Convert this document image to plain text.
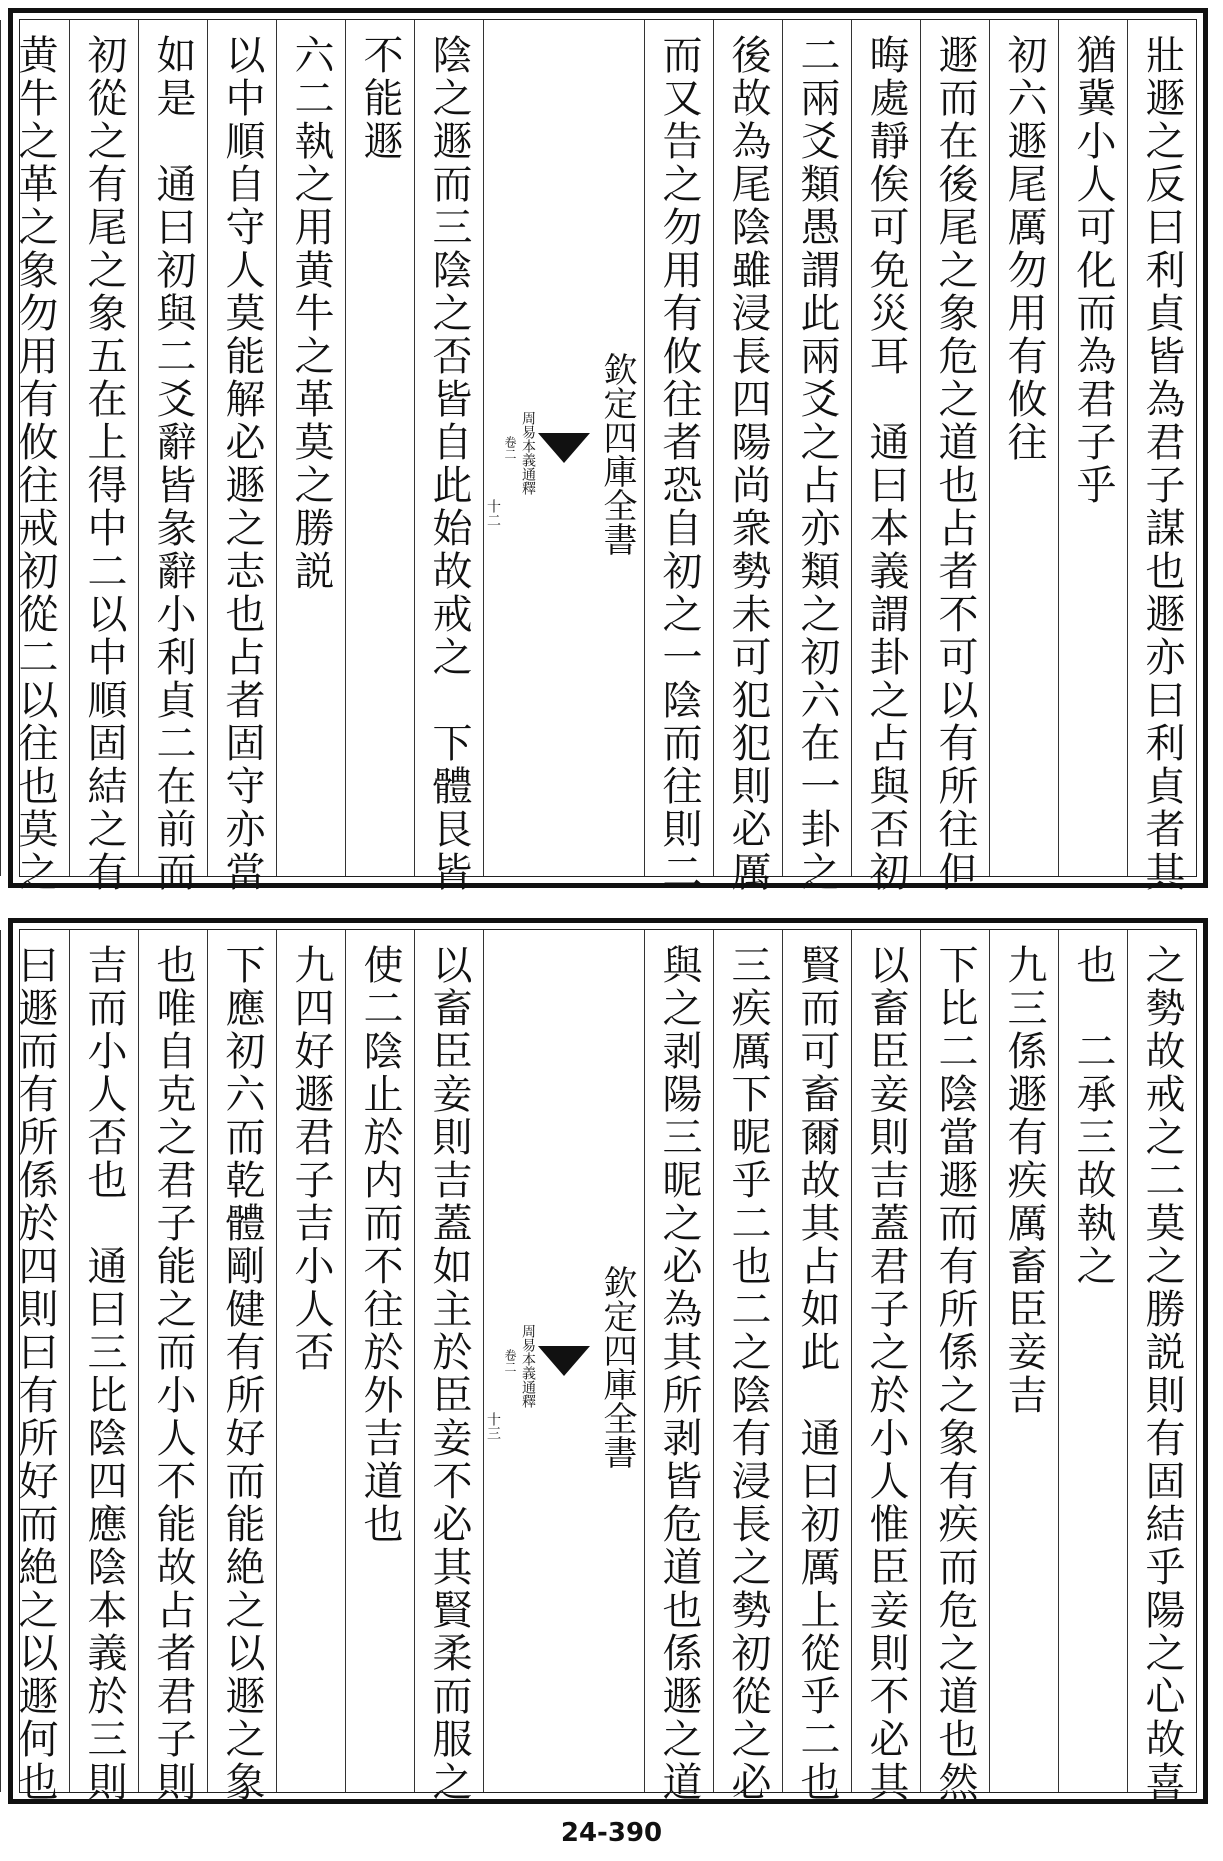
壯遯之反曰利貞皆為君子謀也遯亦曰利貞者其
猶冀小人可化而為君子乎
初六遯尾厲勿用有攸往
遯而在後尾之象危之道也占者不可以有所往但
晦處靜俟可免災耳　通曰本義謂卦之占與否初
二兩爻類愚謂此兩爻之占亦類之初六在一卦之
後故為尾陰雖浸長四陽尚衆勢未可犯犯則必厲
而又告之勿用有攸往者恐自初之一陰而往則二
欽定四庫全書
周易本義通釋
卷二
十二
陰之遯而三陰之否皆自此始故戒之　下體艮皆
不能遯
六二執之用黄牛之革莫之勝説
以中順自守人莫能解必遯之志也占者固守亦當
如是　通曰初與二爻辭皆彖辭小利貞二在前而
初從之有尾之象五在上得中二以中順固結之有
黄牛之革之象勿用有攸往戒初從二以往也莫之
之勢故戒之二莫之勝説則有固結乎陽之心故喜
也　二承三故執之
九三係遯有疾厲畜臣妾吉
下比二陰當遯而有所係之象有疾而危之道也然
以畜臣妾則吉蓋君子之於小人惟臣妾則不必其
賢而可畜爾故其占如此　通曰初厲上從乎二也
三疾厲下昵乎二也二之陰有浸長之勢初從之必
與之剥陽三昵之必為其所剥皆危道也係遯之道
欽定四庫全書
周易本義通釋
卷二
十三
以畜臣妾則吉蓋如主於臣妾不必其賢柔而服之
使二陰止於内而不往於外吉道也
九四好遯君子吉小人否
下應初六而乾體剛健有所好而能絶之以遯之象
也唯自克之君子能之而小人不能故占者君子則
吉而小人否也　通曰三比陰四應陰本義於三則
曰遯而有所係於四則曰有所好而絶之以遯何也
24-390
